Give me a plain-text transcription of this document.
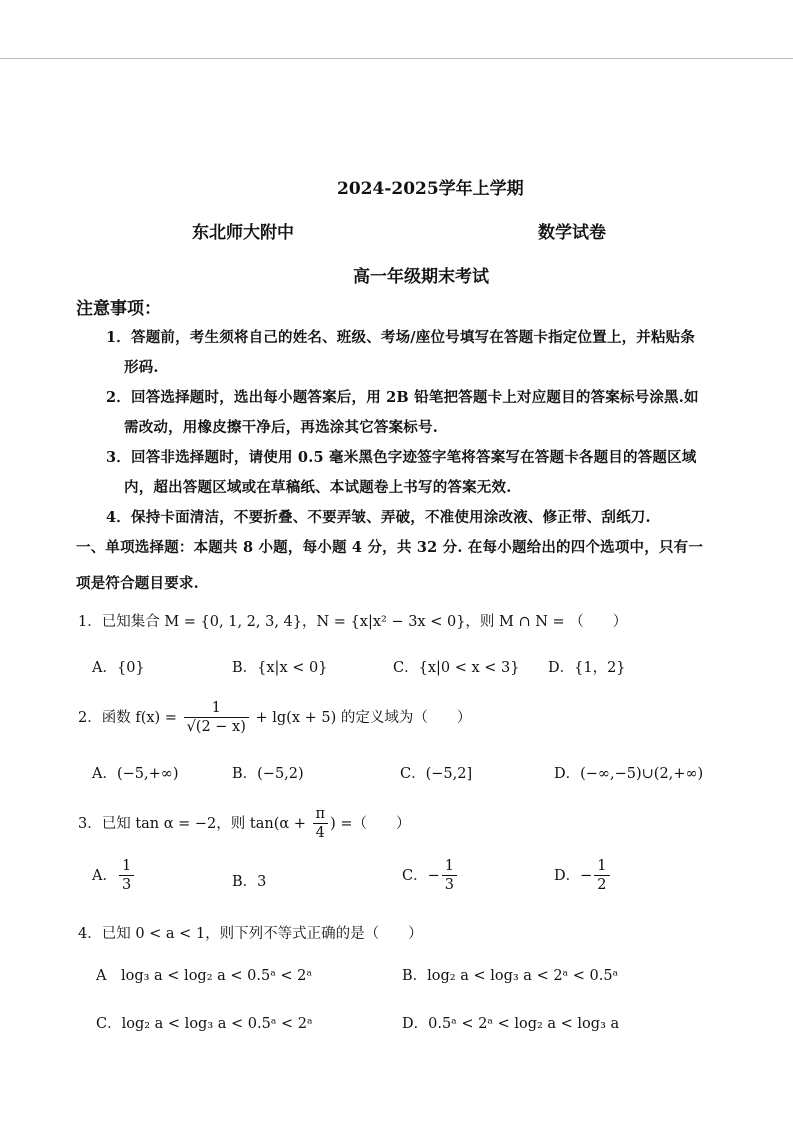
2024-2025学年上学期
东北师大附中	数学试卷
高一年级期末考试
注意事项：
1．答题前，考生须将自己的姓名、班级、考场/座位号填写在答题卡指定位置上，并粘贴条
形码.
2．回答选择题时，选出每小题答案后，用 2B 铅笔把答题卡上对应题目的答案标号涂黑.如
需改动，用橡皮擦干净后，再选涂其它答案标号.
3．回答非选择题时，请使用 0.5 毫米黑色字迹签字笔将答案写在答题卡各题目的答题区域
内，超出答题区域或在草稿纸、本试题卷上书写的答案无效.
4．保持卡面清洁，不要折叠、不要弄皱、弄破，不准使用涂改液、修正带、刮纸刀.
一、单项选择题：本题共 8 小题，每小题 4 分，共 32 分. 在每小题给出的四个选项中，只有一
项是符合题目要求.
1．已知集合 M = {0, 1, 2, 3, 4}，N = {x|x² − 3x < 0}，则 M ∩ N = （　　）
A．{0}	B．{x|x < 0}	C．{x|0 < x < 3} D．{1，2}
2．函数 $f(x) = \frac{1}{√(2 - x)} + \lg(x + 5)$ 的定义域为（　　）
A．(−5,+∞)	B．(−5,2)	C．(−5,2]	D．(−∞,−5)∪(2,+∞)
3．已知 tan α = −2，则 $\tan(\alpha + \frac{\pi}{4}$ ) =（　　）
A． $\frac{1}{3}$	B．3	C．− $\frac{1}{3}$	D．− $\frac{1}{2}$
4．已知 0 < a < 1，则下列不等式正确的是（　　）
A　log₃ a < log₂ a < 0.5ᵃ < 2ᵃ	B．log₂ a < log₃ a < 2ᵃ < 0.5ᵃ
C．log₂ a < log₃ a < 0.5ᵃ < 2ᵃ	D．0.5ᵃ < 2ᵃ < log₂ a < log₃ a
